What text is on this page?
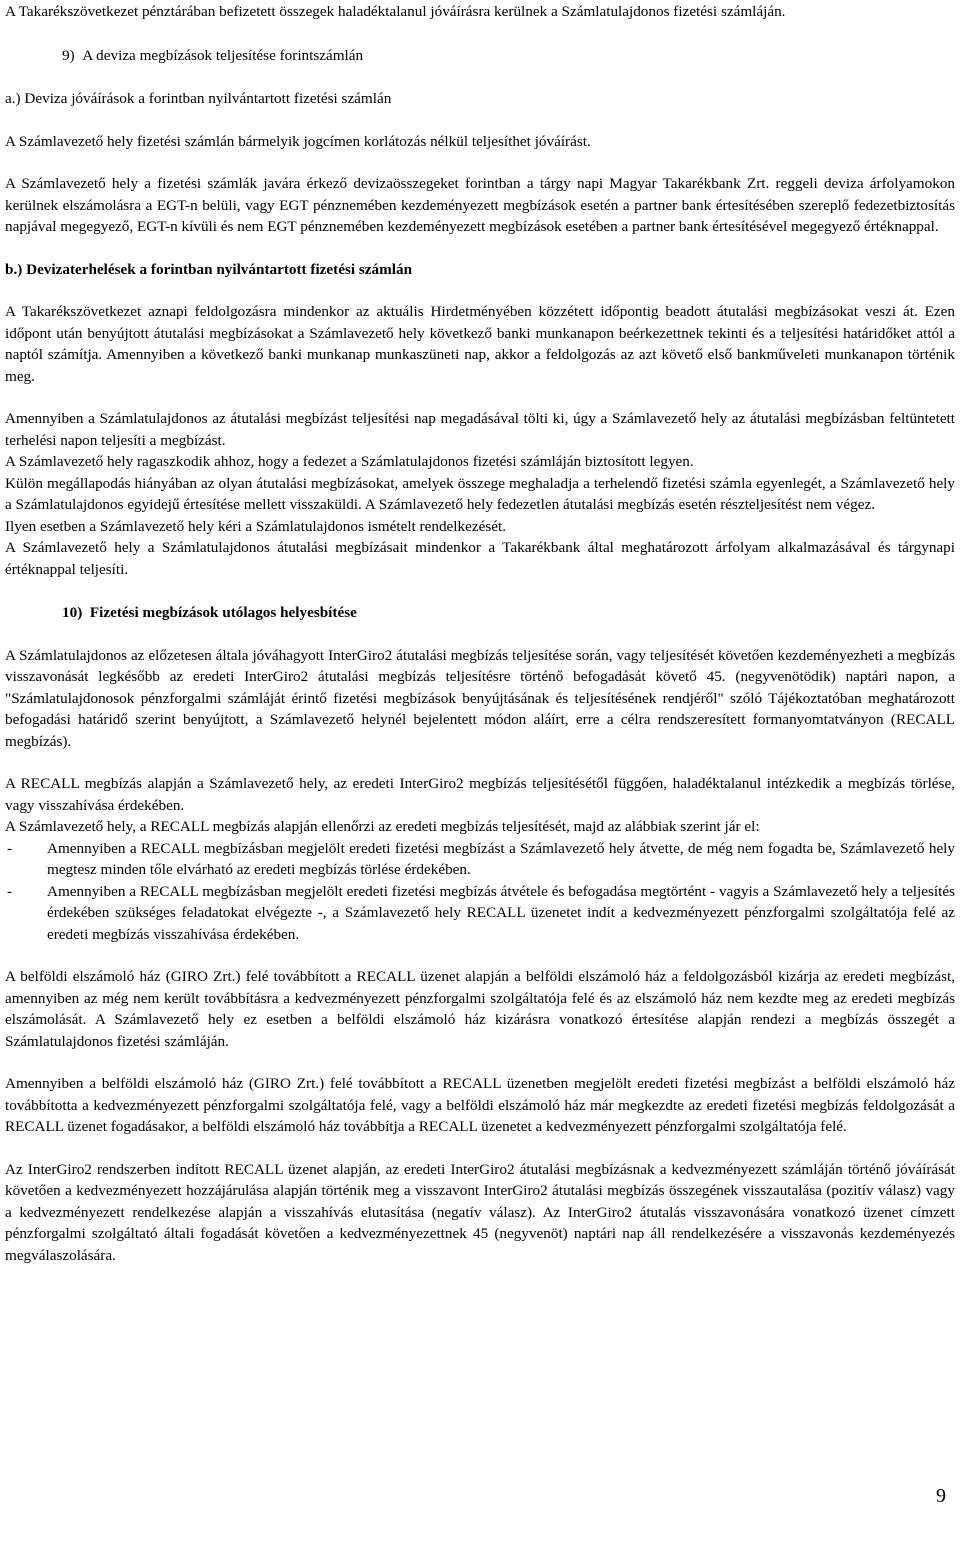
A Takarékszövetkezet pénztárában befizetett összegek haladéktalanul jóváírásra kerülnek a Számlatulajdonos fizetési számláján.

9)  A deviza megbízások teljesítése forintszámlán

a.) Deviza jóváírások a forintban nyilvántartott fizetési számlán

A Számlavezető hely fizetési számlán bármelyik jogcímen korlátozás nélkül teljesíthet jóváírást.

A Számlavezető hely a fizetési számlák javára érkező devizaösszegeket forintban a tárgy napi Magyar Takarékbank Zrt. reggeli deviza árfolyamokon kerülnek elszámolásra a EGT-n belüli, vagy EGT pénznemében kezdeményezett megbízások esetén a partner bank értesítésében szereplő fedezetbiztosítás napjával megegyező, EGT-n kívüli és nem EGT pénznemében kezdeményezett megbízások esetében a partner bank értesítésével megegyező értéknappal.

b.) Devizaterhelések a forintban nyilvántartott fizetési számlán

A Takarékszövetkezet aznapi feldolgozásra mindenkor az aktuális Hirdetményében közzétett időpontig beadott átutalási megbízásokat veszi át. Ezen időpont után benyújtott átutalási megbízásokat a Számlavezető hely következő banki munkanapon beérkezettnek tekinti és a teljesítési határidőket attól a naptól számítja. Amennyiben a következő banki munkanap munkaszüneti nap, akkor a feldolgozás az azt követő első bankműveleti munkanapon történik meg.

Amennyiben a Számlatulajdonos az átutalási megbízást teljesítési nap megadásával tölti ki, úgy a Számlavezető hely az átutalási megbízásban feltüntetett terhelési napon teljesíti a megbízást.

A Számlavezető hely ragaszkodik ahhoz, hogy a fedezet a Számlatulajdonos fizetési számláján biztosított legyen.

Külön megállapodás hiányában az olyan átutalási megbízásokat, amelyek összege meghaladja a terhelendő fizetési számla egyenlegét, a Számlavezető hely a Számlatulajdonos egyidejű értesítése mellett visszaküldi. A Számlavezető hely fedezetlen átutalási megbízás esetén részteljesítést nem végez.

Ilyen esetben a Számlavezető hely kéri a Számlatulajdonos ismételt rendelkezését.

A Számlavezető hely a Számlatulajdonos átutalási megbízásait mindenkor a Takarékbank által meghatározott árfolyam alkalmazásával és tárgynapi értéknappal teljesíti.

10)  Fizetési megbízások utólagos helyesbítése

A Számlatulajdonos az előzetesen általa jóváhagyott InterGiro2 átutalási megbízás teljesítése során, vagy teljesítését követően kezdeményezheti a megbízás visszavonását legkésőbb az eredeti InterGiro2 átutalási megbízás teljesítésre történő befogadását követő 45. (negyvenötödik) naptári napon, a "Számlatulajdonosok pénzforgalmi számláját érintő fizetési megbízások benyújtásának és teljesítésének rendjéről" szóló Tájékoztatóban meghatározott befogadási határidő szerint benyújtott, a Számlavezető helynél bejelentett módon aláírt, erre a célra rendszeresített formanyomtatványon (RECALL megbízás).

A RECALL megbízás alapján a Számlavezető hely, az eredeti InterGiro2 megbízás teljesítésétől függően, haladéktalanul intézkedik a megbízás törlése, vagy visszahívása érdekében.

A Számlavezető hely, a RECALL megbízás alapján ellenőrzi az eredeti megbízás teljesítését, majd az alábbiak szerint jár el:

-	Amennyiben a RECALL megbízásban megjelölt eredeti fizetési megbízást a Számlavezető hely átvette, de még nem fogadta be, Számlavezető hely megtesz minden tőle elvárható az eredeti megbízás törlése érdekében.
-	Amennyiben a RECALL megbízásban megjelölt eredeti fizetési megbízás átvétele és befogadása megtörtént - vagyis a Számlavezető hely a teljesítés érdekében szükséges feladatokat elvégezte -, a Számlavezető hely RECALL üzenetet indít a kedvezményezett pénzforgalmi szolgáltatója felé az eredeti megbízás visszahívása érdekében.

A belföldi elszámoló ház (GIRO Zrt.) felé továbbított a RECALL üzenet alapján a belföldi elszámoló ház a feldolgozásból kizárja az eredeti megbízást, amennyiben az még nem került továbbításra a kedvezményezett pénzforgalmi szolgáltatója felé és az elszámoló ház nem kezdte meg az eredeti megbízás elszámolását. A Számlavezető hely ez esetben a belföldi elszámoló ház kizárásra vonatkozó értesítése alapján rendezi a megbízás összegét a Számlatulajdonos fizetési számláján.

Amennyiben a belföldi elszámoló ház (GIRO Zrt.) felé továbbított a RECALL üzenetben megjelölt eredeti fizetési megbízást a belföldi elszámoló ház továbbította a kedvezményezett pénzforgalmi szolgáltatója felé, vagy a belföldi elszámoló ház már megkezdte az eredeti fizetési megbízás feldolgozását a RECALL üzenet fogadásakor, a belföldi elszámoló ház továbbítja a RECALL üzenetet a kedvezményezett pénzforgalmi szolgáltatója felé.

Az InterGiro2 rendszerben indított RECALL üzenet alapján, az eredeti InterGiro2 átutalási megbízásnak a kedvezményezett számláján történő jóváírását követően a kedvezményezett hozzájárulása alapján történik meg a visszavont InterGiro2 átutalási megbízás összegének visszautalása (pozitív válasz) vagy a kedvezményezett rendelkezése alapján a visszahívás elutasítása (negatív válasz). Az InterGiro2 átutalás visszavonására vonatkozó üzenet címzett pénzforgalmi szolgáltató általi fogadását követően a kedvezményezettnek 45 (negyvenöt) naptári nap áll rendelkezésére a visszavonás kezdeményezés megválaszolására.

9
